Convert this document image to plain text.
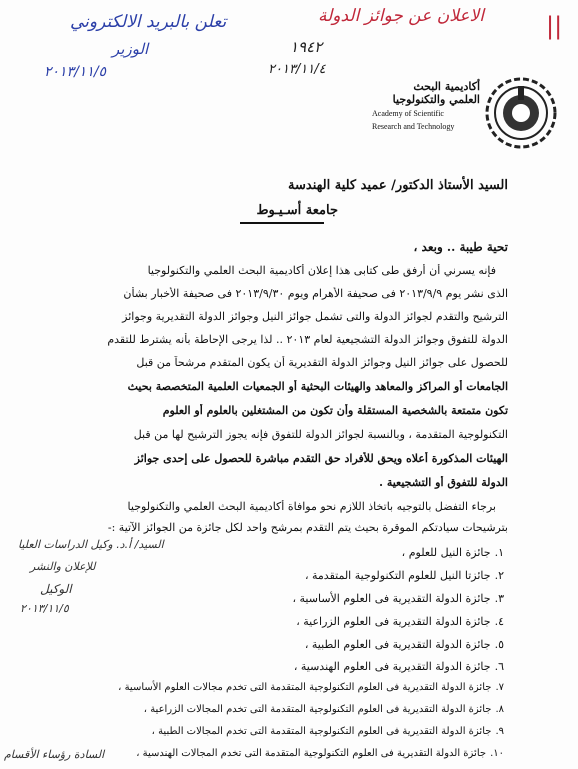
الاعلان عن جوائز الدولة	||
تعلن بالبريد الالكتروني
الوزير
٢٠١٣/١١/٥
١٩٤٢
٢٠١٣/١١/٤
أكاديمية البحث
العلمي والتكنولوجيا
Academy of Scientific
Research and Technology
السيد الأستاذ الدكتور/ عميد كلية الهندسة
جامعة أسـيـوط
تحية طيبة .. وبعد ،
فإنه يسرني أن أرفق طى كتابى هذا إعلان أكاديمية البحث العلمي والتكنولوجيا
الذى نشر يوم ٢٠١٣/٩/٩ فى صحيفة الأهرام ويوم ٢٠١٣/٩/٣٠ فى صحيفة الأخبار بشأن
الترشيح والتقدم لجوائز الدولة والتى تشمل جوائز النيل وجوائز الدولة التقديرية وجوائز
الدولة للتفوق وجوائز الدولة التشجيعية لعام ٢٠١٣ .. لذا يرجى الإحاطة بأنه يشترط للتقدم
للحصول على جوائز النيل وجوائز الدولة التقديرية أن يكون المتقدم مرشحاً من قبل
الجامعات أو المراكز والمعاهد والهيئات البحثية أو الجمعيات العلمية المتخصصة بحيث
تكون متمتعة بالشخصية المستقلة وأن تكون من المشتغلين بالعلوم أو العلوم
التكنولوجية المتقدمة ، وبالنسبة لجوائز الدولة للتفوق فإنه يجوز الترشيح لها من قبل
الهيئات المذكورة أعلاه ويحق للأفراد حق التقدم مباشرة للحصول على إحدى جوائز
الدولة للتفوق أو التشجيعية .
برجاء التفضل بالتوجيه باتخاذ اللازم نحو موافاة أكاديمية البحث العلمي والتكنولوجيا
بترشيحات سيادتكم الموقرة بحيث يتم التقدم بمرشح واحد لكل جائزة من الجوائز الآتية :-
١.جائزة النيل للعلوم ،
٢.جائزتا النيل للعلوم التكنولوجية المتقدمة ،
٣.جائزة الدولة التقديرية فى العلوم الأساسية ،
٤.جائزة الدولة التقديرية فى العلوم الزراعية ،
٥.جائزة الدولة التقديرية فى العلوم الطبية ،
٦.جائزة الدولة التقديرية فى العلوم الهندسية ،
٧.جائزة الدولة التقديرية فى العلوم التكنولوجية المتقدمة التى تخدم مجالات العلوم الأساسية ،
٨.جائزة الدولة التقديرية فى العلوم التكنولوجية المتقدمة التى تخدم المجالات الزراعية ،
٩.جائزة الدولة التقديرية فى العلوم التكنولوجية المتقدمة التى تخدم المجالات الطبية ،
١٠.جائزة الدولة التقديرية فى العلوم التكنولوجية المتقدمة التى تخدم المجالات الهندسية ،
السيد/ أ.د. وكيل الدراسات العليا
للإعلان والنشر
الوكيل
٢٠١٣/١١/٥
السادة رؤساء الأقسام
